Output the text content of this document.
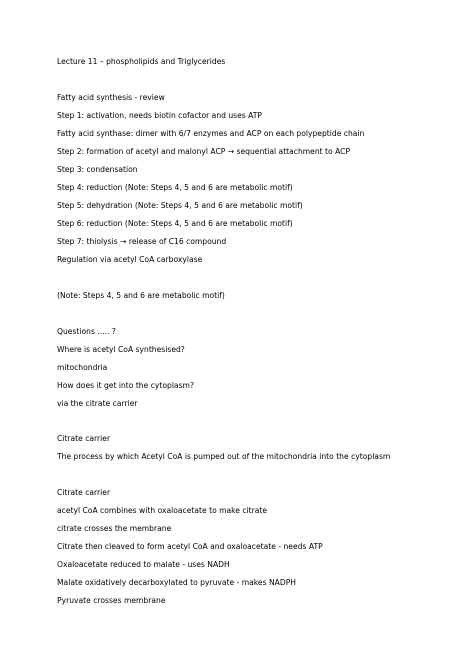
Lecture 11 – phospholipids and Triglycerides
Fatty acid synthesis - review
Step 1: activation, needs biotin cofactor and uses ATP
Fatty acid synthase: dimer with 6/7 enzymes and ACP on each polypeptide chain
Step 2: formation of acetyl and malonyl ACP → sequential attachment to ACP
Step 3: condensation
Step 4: reduction (Note: Steps 4, 5 and 6 are metabolic motif)
Step 5: dehydration (Note: Steps 4, 5 and 6 are metabolic motif)
Step 6: reduction (Note: Steps 4, 5 and 6 are metabolic motif)
Step 7: thiolysis → release of C16 compound
Regulation via acetyl CoA carboxylase
(Note: Steps 4, 5 and 6 are metabolic motif)
Questions ..... ?
Where is acetyl CoA synthesised?
mitochondria
How does it get into the cytoplasm?
via the citrate carrier
Citrate carrier
The process by which Acetyl CoA is pumped out of the mitochondria into the cytoplasm
Citrate carrier
acetyl CoA combines with oxaloacetate to make citrate
citrate crosses the membrane
Citrate then cleaved to form acetyl CoA and oxaloacetate - needs ATP
Oxaloacetate reduced to malate - uses NADH
Malate oxidatively decarboxylated to pyruvate - makes NADPH
Pyruvate crosses membrane
